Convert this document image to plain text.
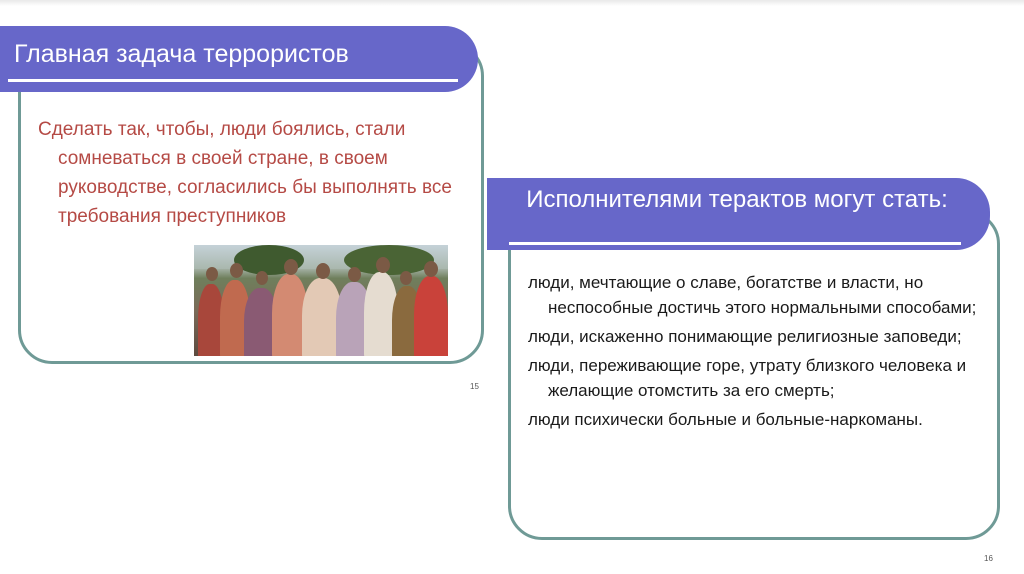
Главная задача террористов
Сделать так, чтобы, люди боялись, стали сомневаться в своей стране, в своем руководстве, согласились бы выполнять все требования преступников
15
Исполнителями терактов могут стать:
люди, мечтающие о славе, богатстве и власти, но неспособные достичь этого нормальными способами;
люди, искаженно понимающие религиозные заповеди;
люди, переживающие горе, утрату близкого человека и желающие отомстить за его смерть;
люди психически больные и больные-наркоманы.
16
